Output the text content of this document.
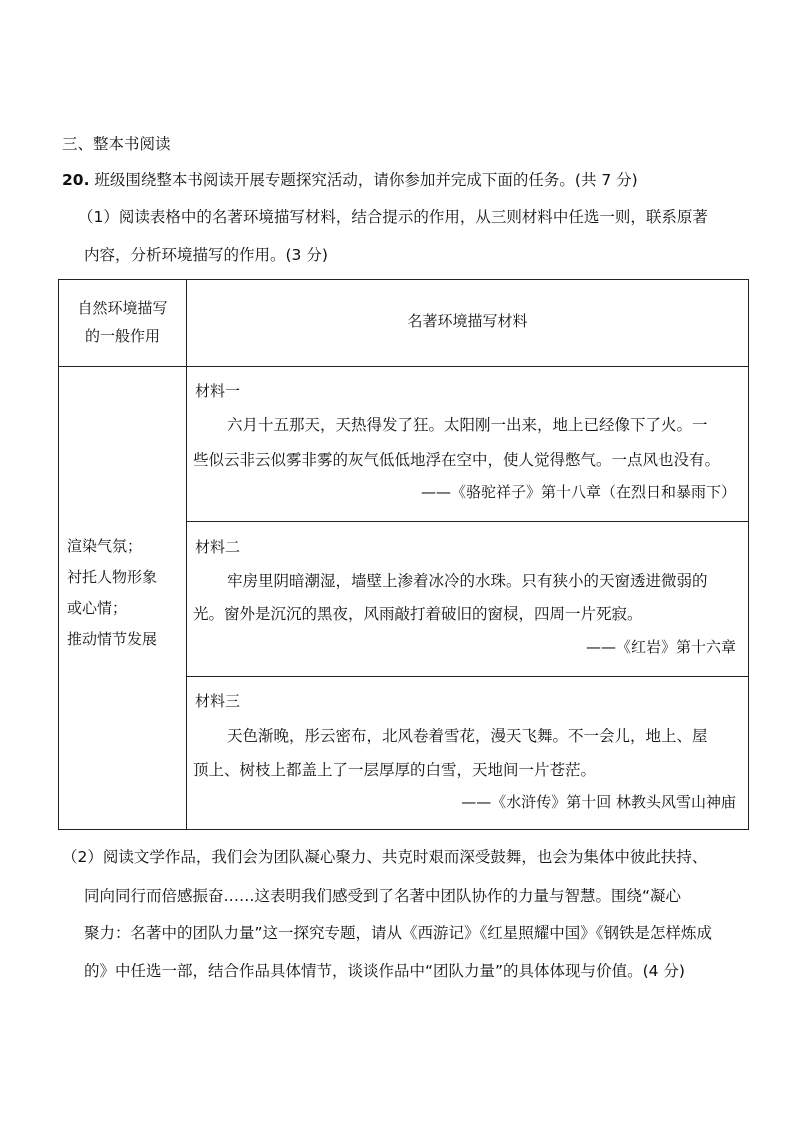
三、整本书阅读
20. 班级围绕整本书阅读开展专题探究活动，请你参加并完成下面的任务。(共 7 分)
（1）阅读表格中的名著环境描写材料，结合提示的作用，从三则材料中任选一则，联系原著
内容，分析环境描写的作用。(3 分)
自然环境描写
的一般作用
名著环境描写材料
渲染气氛；
衬托人物形象
或心情；
推动情节发展
材料一
六月十五那天，天热得发了狂。太阳刚一出来，地上已经像下了火。一
些似云非云似雾非雾的灰气低低地浮在空中，使人觉得憋气。一点风也没有。
——《骆驼祥子》第十八章（在烈日和暴雨下）
材料二
牢房里阴暗潮湿，墙壁上渗着冰冷的水珠。只有狭小的天窗透进微弱的
光。窗外是沉沉的黑夜，风雨敲打着破旧的窗棂，四周一片死寂。
——《红岩》第十六章
材料三
天色渐晚，彤云密布，北风卷着雪花，漫天飞舞。不一会儿，地上、屋
顶上、树枝上都盖上了一层厚厚的白雪，天地间一片苍茫。
——《水浒传》第十回 林教头风雪山神庙
（2）阅读文学作品，我们会为团队凝心聚力、共克时艰而深受鼓舞，也会为集体中彼此扶持、
同向同行而倍感振奋……这表明我们感受到了名著中团队协作的力量与智慧。围绕“凝心
聚力：名著中的团队力量”这一探究专题，请从《西游记》《红星照耀中国》《钢铁是怎样炼成
的》中任选一部，结合作品具体情节，谈谈作品中“团队力量”的具体体现与价值。(4 分)
